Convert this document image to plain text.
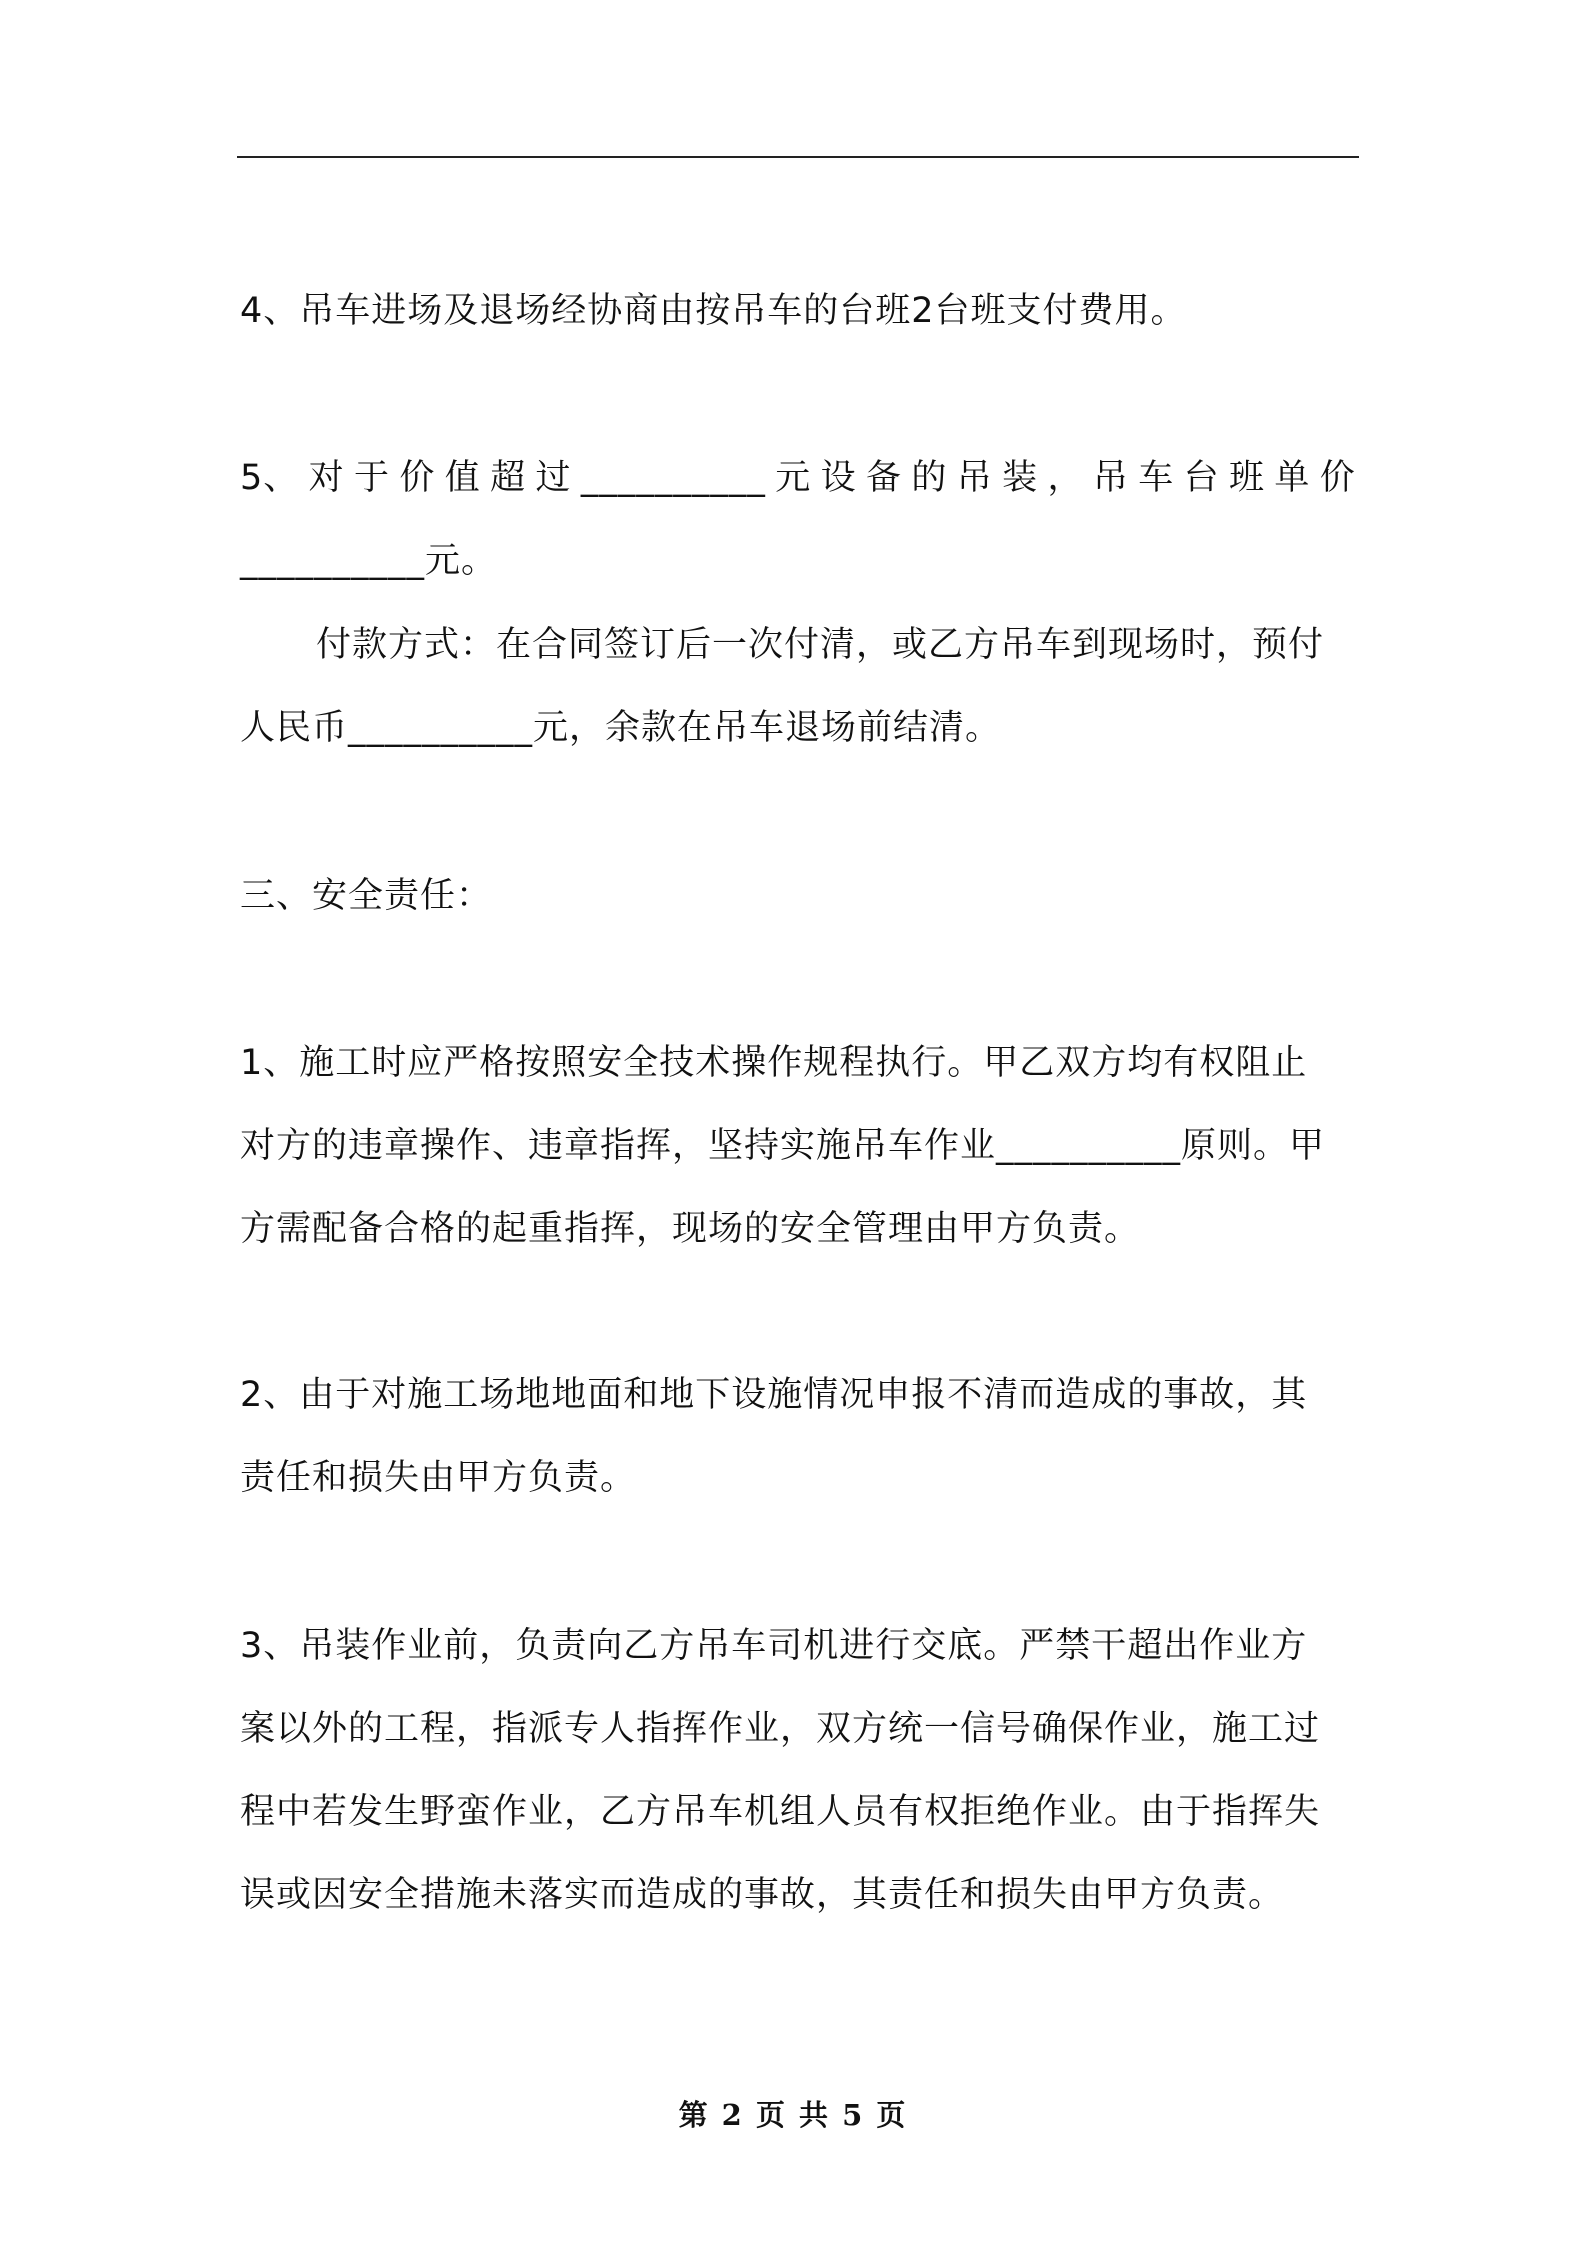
4、吊车进场及退场经协商由按吊车的台班2台班支付费用。

5、 对 于 价 值 超 过 __________ 元 设 备 的 吊 装 ， 吊 车 台 班 单 价
__________元。

付款方式：在合同签订后一次付清，或乙方吊车到现场时，预付
人民币__________元，余款在吊车退场前结清。

三、安全责任：

1、施工时应严格按照安全技术操作规程执行。甲乙双方均有权阻止
对方的违章操作、违章指挥，坚持实施吊车作业__________原则。甲
方需配备合格的起重指挥，现场的安全管理由甲方负责。

2、由于对施工场地地面和地下设施情况申报不清而造成的事故，其
责任和损失由甲方负责。

3、吊装作业前，负责向乙方吊车司机进行交底。严禁干超出作业方
案以外的工程，指派专人指挥作业，双方统一信号确保作业，施工过
程中若发生野蛮作业，乙方吊车机组人员有权拒绝作业。由于指挥失
误或因安全措施未落实而造成的事故，其责任和损失由甲方负责。

第 2 页 共 5 页
